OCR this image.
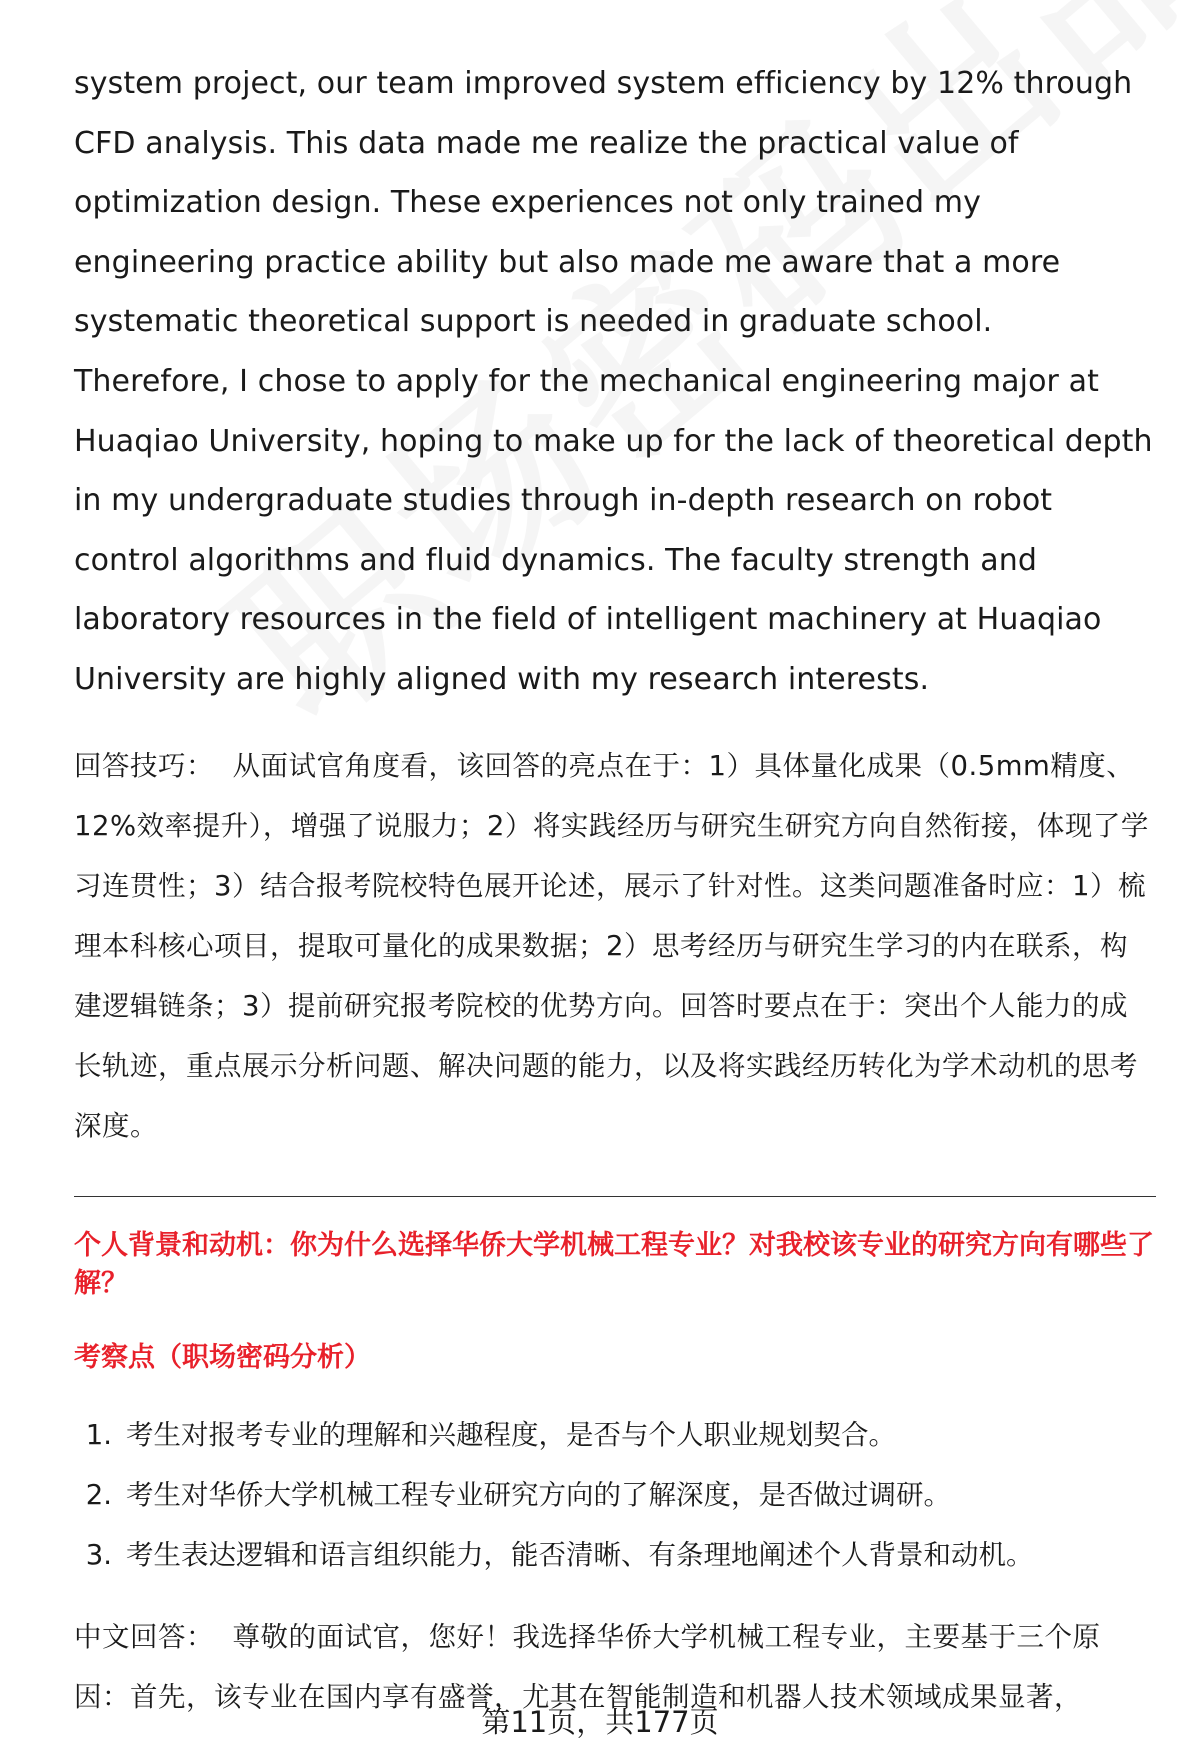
system project, our team improved system efficiency by 12% through CFD analysis. This data made me realize the practical value of optimization design. These experiences not only trained my engineering practice ability but also made me aware that a more systematic theoretical support is needed in graduate school. Therefore, I chose to apply for the mechanical engineering major at Huaqiao University, hoping to make up for the lack of theoretical depth in my undergraduate studies through in-depth research on robot control algorithms and fluid dynamics. The faculty strength and laboratory resources in the field of intelligent machinery at Huaqiao University are highly aligned with my research interests.

回答技巧： 从面试官角度看，该回答的亮点在于：1）具体量化成果（0.5mm精度、12%效率提升），增强了说服力；2）将实践经历与研究生研究方向自然衔接，体现了学习连贯性；3）结合报考院校特色展开论述，展示了针对性。这类问题准备时应：1）梳理本科核心项目，提取可量化的成果数据；2）思考经历与研究生学习的内在联系，构建逻辑链条；3）提前研究报考院校的优势方向。回答时要点在于：突出个人能力的成长轨迹，重点展示分析问题、解决问题的能力，以及将实践经历转化为学术动机的思考深度。

个人背景和动机：你为什么选择华侨大学机械工程专业？对我校该专业的研究方向有哪些了解？

考察点（职场密码分析）

1. 考生对报考专业的理解和兴趣程度，是否与个人职业规划契合。
2. 考生对华侨大学机械工程专业研究方向的了解深度，是否做过调研。
3. 考生表达逻辑和语言组织能力，能否清晰、有条理地阐述个人背景和动机。

中文回答： 尊敬的面试官，您好！我选择华侨大学机械工程专业，主要基于三个原因：首先，该专业在国内享有盛誉，尤其在智能制造和机器人技术领域成果显著，

第11页，共177页
